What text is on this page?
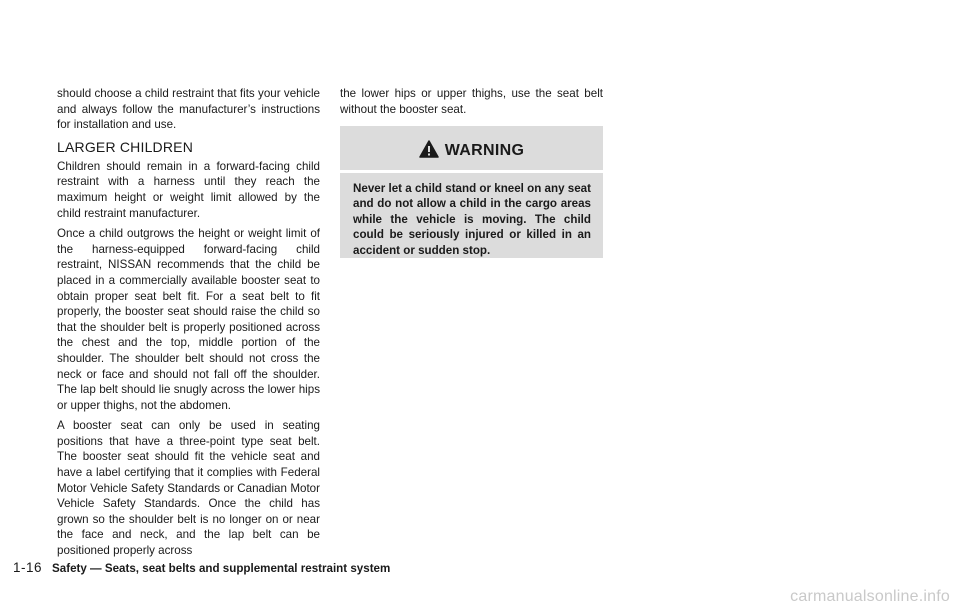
should choose a child restraint that fits your vehicle and always follow the manufacturer’s instructions for installation and use.

LARGER CHILDREN

Children should remain in a forward-facing child restraint with a harness until they reach the maximum height or weight limit allowed by the child restraint manufacturer.

Once a child outgrows the height or weight limit of the harness-equipped forward-facing child restraint, NISSAN recommends that the child be placed in a commercially available booster seat to obtain proper seat belt fit. For a seat belt to fit properly, the booster seat should raise the child so that the shoulder belt is properly positioned across the chest and the top, middle portion of the shoulder. The shoulder belt should not cross the neck or face and should not fall off the shoulder. The lap belt should lie snugly across the lower hips or upper thighs, not the abdomen.

A booster seat can only be used in seating positions that have a three-point type seat belt. The booster seat should fit the vehicle seat and have a label certifying that it complies with Federal Motor Vehicle Safety Standards or Canadian Motor Vehicle Safety Standards. Once the child has grown so the shoulder belt is no longer on or near the face and neck, and the lap belt can be positioned properly across

the lower hips or upper thighs, use the seat belt without the booster seat.

WARNING
Never let a child stand or kneel on any seat and do not allow a child in the cargo areas while the vehicle is moving. The child could be seriously injured or killed in an accident or sudden stop.
1-16 Safety — Seats, seat belts and supplemental restraint system
carmanualsonline.info
